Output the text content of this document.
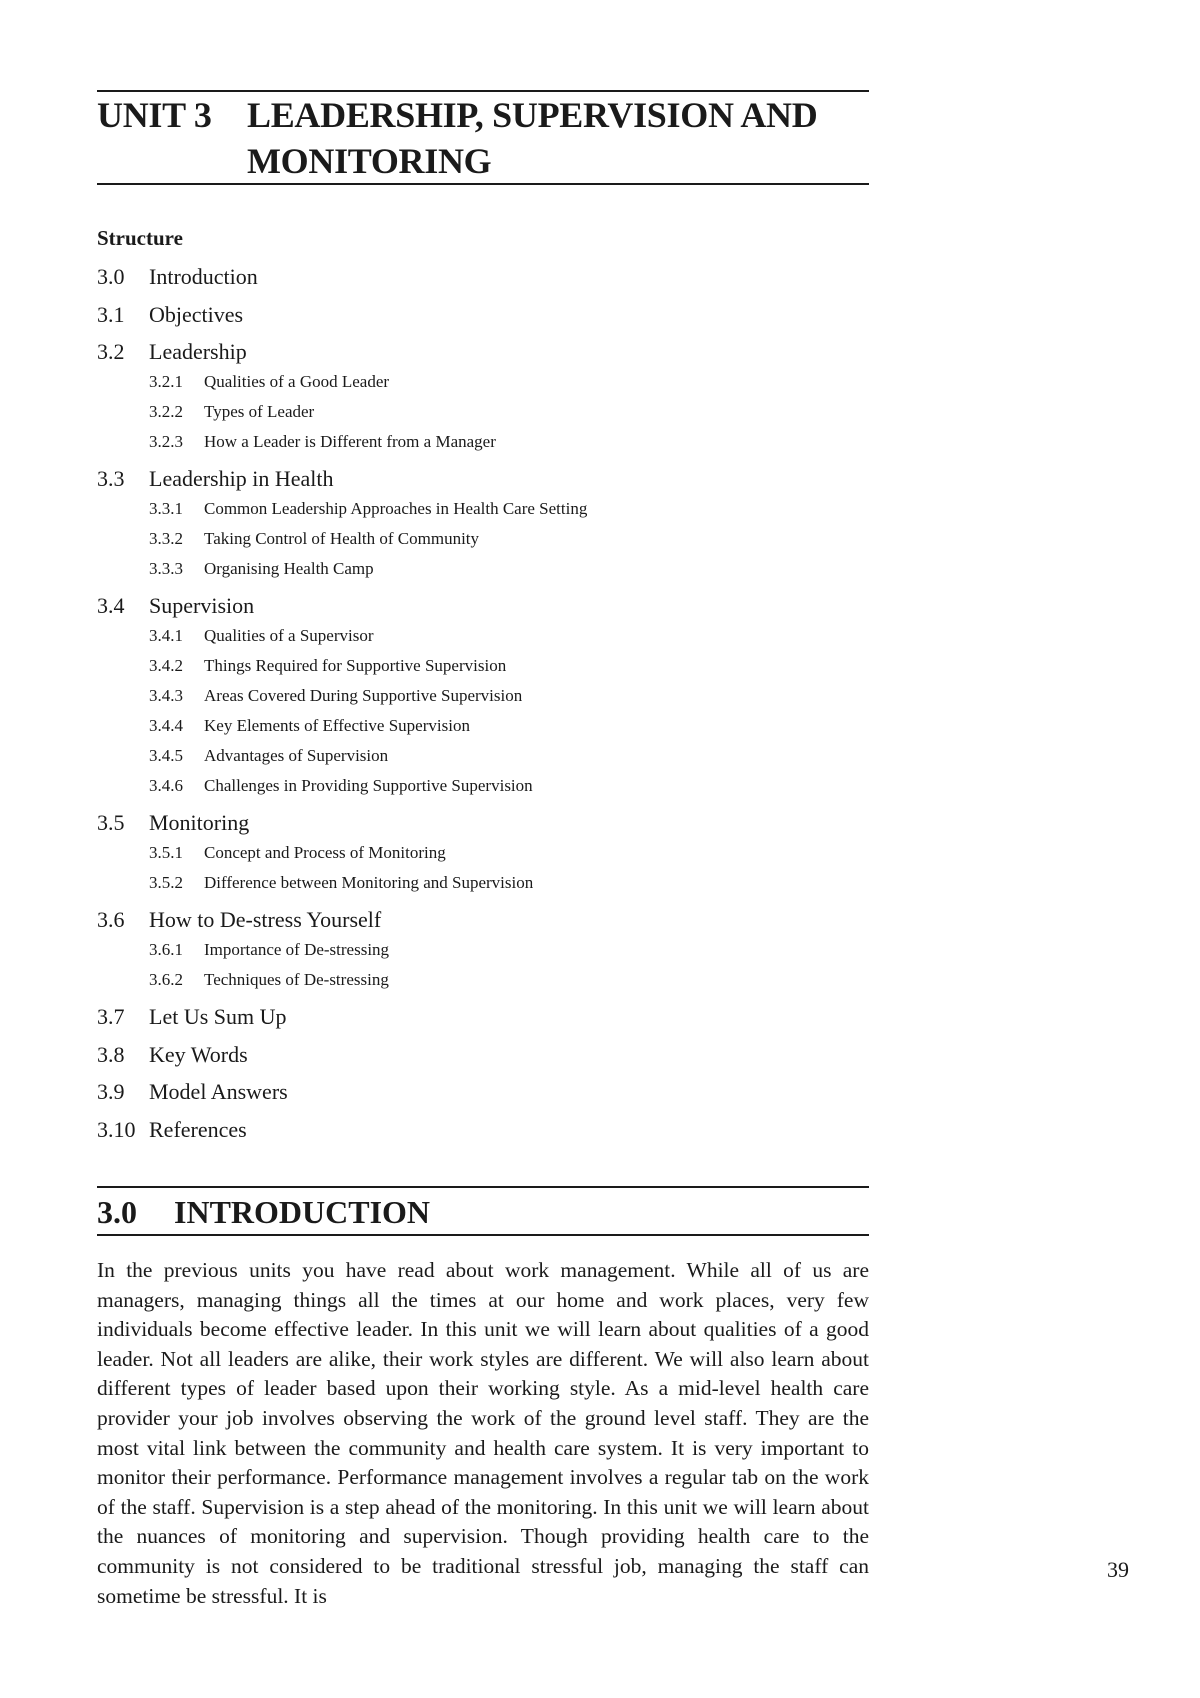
UNIT 3 LEADERSHIP, SUPERVISION AND MONITORING
Structure
3.0 Introduction
3.1 Objectives
3.2 Leadership
3.2.1 Qualities of a Good Leader
3.2.2 Types of Leader
3.2.3 How a Leader is Different from a Manager
3.3 Leadership in Health
3.3.1 Common Leadership Approaches in Health Care Setting
3.3.2 Taking Control of Health of Community
3.3.3 Organising Health Camp
3.4 Supervision
3.4.1 Qualities of a Supervisor
3.4.2 Things Required for Supportive Supervision
3.4.3 Areas Covered During Supportive Supervision
3.4.4 Key Elements of Effective Supervision
3.4.5 Advantages of Supervision
3.4.6 Challenges in Providing Supportive Supervision
3.5 Monitoring
3.5.1 Concept and Process of Monitoring
3.5.2 Difference between Monitoring and Supervision
3.6 How to De-stress Yourself
3.6.1 Importance of De-stressing
3.6.2 Techniques of De-stressing
3.7 Let Us Sum Up
3.8 Key Words
3.9 Model Answers
3.10 References
3.0 INTRODUCTION

In the previous units you have read about work management. While all of us are managers, managing things all the times at our home and work places, very few individuals become effective leader. In this unit we will learn about qualities of a good leader. Not all leaders are alike, their work styles are different. We will also learn about different types of leader based upon their working style. As a mid-level health care provider your job involves observing the work of the ground level staff. They are the most vital link between the community and health care system. It is very important to monitor their performance. Performance management involves a regular tab on the work of the staff. Supervision is a step ahead of the monitoring. In this unit we will learn about the nuances of monitoring and supervision. Though providing health care to the community is not considered to be traditional stressful job, managing the staff can sometime be stressful. It is

39
